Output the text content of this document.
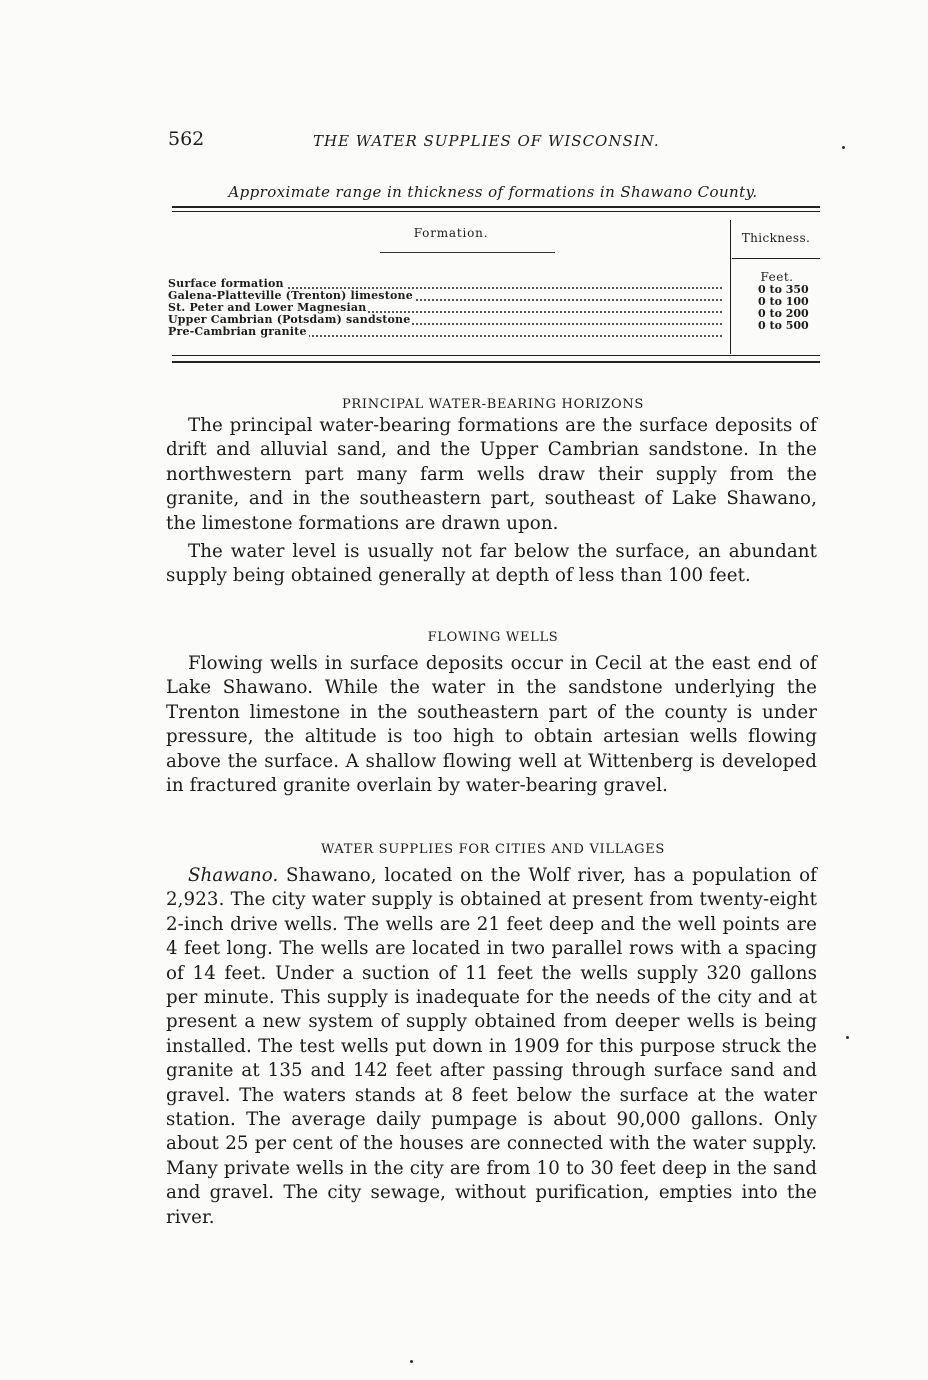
562	THE WATER SUPPLIES OF WISCONSIN.
Approximate range in thickness of formations in Shawano County.
Formation.	Thickness.
Feet.
Surface formation
Galena-Platteville (Trenton) limestone
St. Peter and Lower Magnesian
Upper Cambrian (Potsdam) sandstone
Pre-Cambrian granite
0 to 350
0 to 100
0 to 200
0 to 500
PRINCIPAL WATER-BEARING HORIZONS

The principal water-bearing formations are the surface deposits of drift and alluvial sand, and the Upper Cambrian sandstone. In the northwestern part many farm wells draw their supply from the granite, and in the southeastern part, southeast of Lake Shawano, the limestone formations are drawn upon.

The water level is usually not far below the surface, an abundant supply being obtained generally at depth of less than 100 feet.

FLOWING WELLS

Flowing wells in surface deposits occur in Cecil at the east end of Lake Shawano. While the water in the sandstone underlying the Trenton limestone in the southeastern part of the county is under pressure, the altitude is too high to obtain artesian wells flowing above the surface. A shallow flowing well at Wittenberg is developed in fractured granite overlain by water-bearing gravel.

WATER SUPPLIES FOR CITIES AND VILLAGES

Shawano. Shawano, located on the Wolf river, has a population of 2,923. The city water supply is obtained at present from twenty-eight 2-inch drive wells. The wells are 21 feet deep and the well points are 4 feet long. The wells are located in two parallel rows with a spacing of 14 feet. Under a suction of 11 feet the wells supply 320 gallons per minute. This supply is inadequate for the needs of the city and at present a new system of supply obtained from deeper wells is being installed. The test wells put down in 1909 for this purpose struck the granite at 135 and 142 feet after passing through surface sand and gravel. The waters stands at 8 feet below the surface at the water station. The average daily pumpage is about 90,000 gallons. Only about 25 per cent of the houses are connected with the water supply. Many private wells in the city are from 10 to 30 feet deep in the sand and gravel. The city sewage, without purification, empties into the river.
